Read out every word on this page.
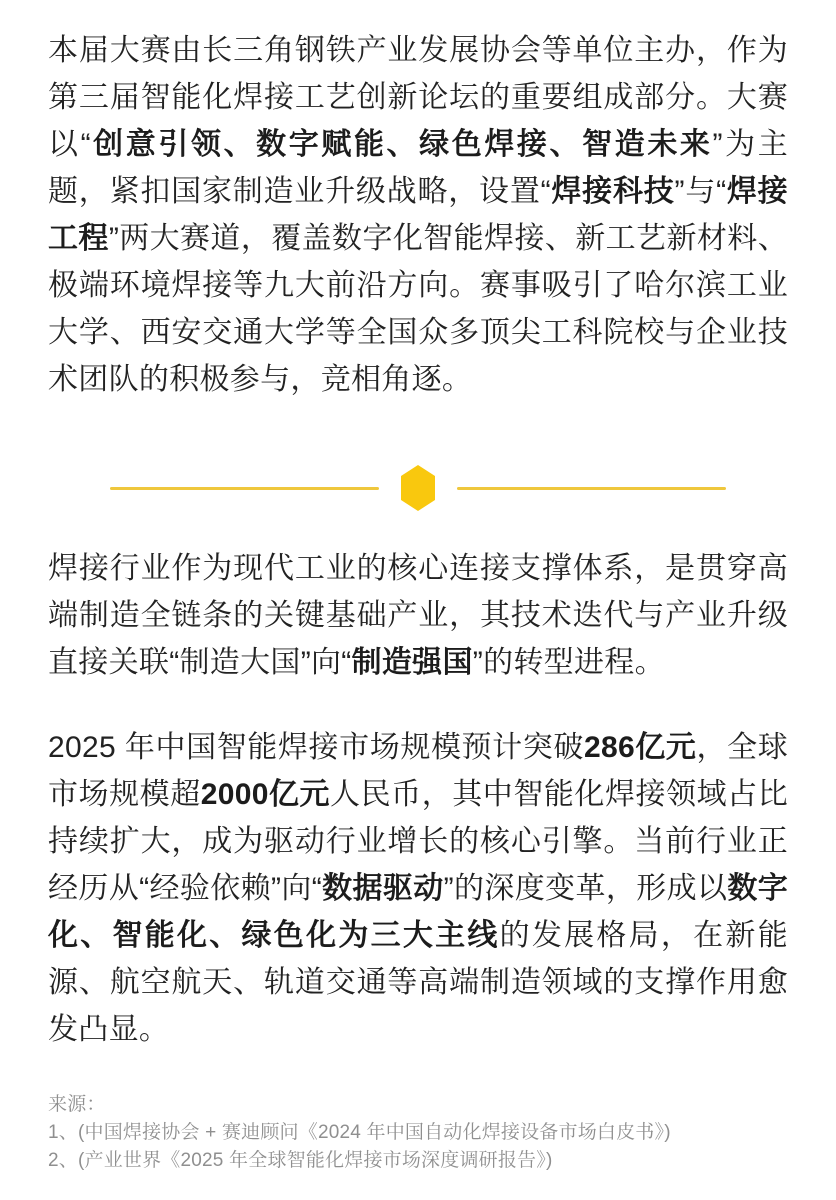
本届大赛由长三角钢铁产业发展协会等单位主办，作为第三届智能化焊接工艺创新论坛的重要组成部分。大赛以“创意引领、数字赋能、绿色焊接、智造未来”为主题，紧扣国家制造业升级战略，设置“焊接科技”与“焊接工程”两大赛道，覆盖数字化智能焊接、新工艺新材料、极端环境焊接等九大前沿方向。赛事吸引了哈尔滨工业大学、西安交通大学等全国众多顶尖工科院校与企业技术团队的积极参与，竞相角逐。

焊接行业作为现代工业的核心连接支撑体系，是贯穿高端制造全链条的关键基础产业，其技术迭代与产业升级直接关联“制造大国”向“制造强国”的转型进程。

2025 年中国智能焊接市场规模预计突破286亿元，全球市场规模超2000亿元人民币，其中智能化焊接领域占比持续扩大，成为驱动行业增长的核心引擎。当前行业正经历从“经验依赖”向“数据驱动”的深度变革，形成以数字化、智能化、绿色化为三大主线的发展格局，在新能源、航空航天、轨道交通等高端制造领域的支撑作用愈发凸显。

来源：
1、(中国焊接协会 + 赛迪顾问《2024 年中国自动化焊接设备市场白皮书》)
2、(产业世界《2025 年全球智能化焊接市场深度调研报告》)
